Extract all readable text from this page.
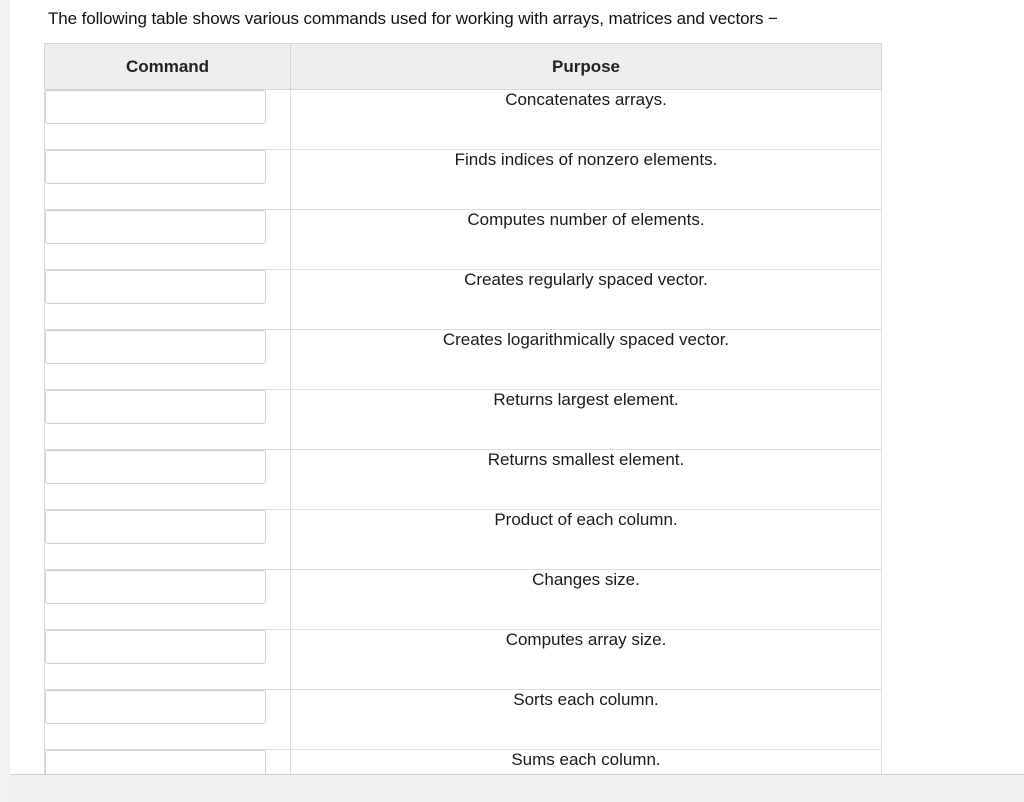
The following table shows various commands used for working with arrays, matrices and vectors −
Command	Purpose
	Concatenates arrays.
	Finds indices of nonzero elements.
	Computes number of elements.
	Creates regularly spaced vector.
	Creates logarithmically spaced vector.
	Returns largest element.
	Returns smallest element.
	Product of each column.
	Changes size.
	Computes array size.
	Sorts each column.
	Sums each column.
